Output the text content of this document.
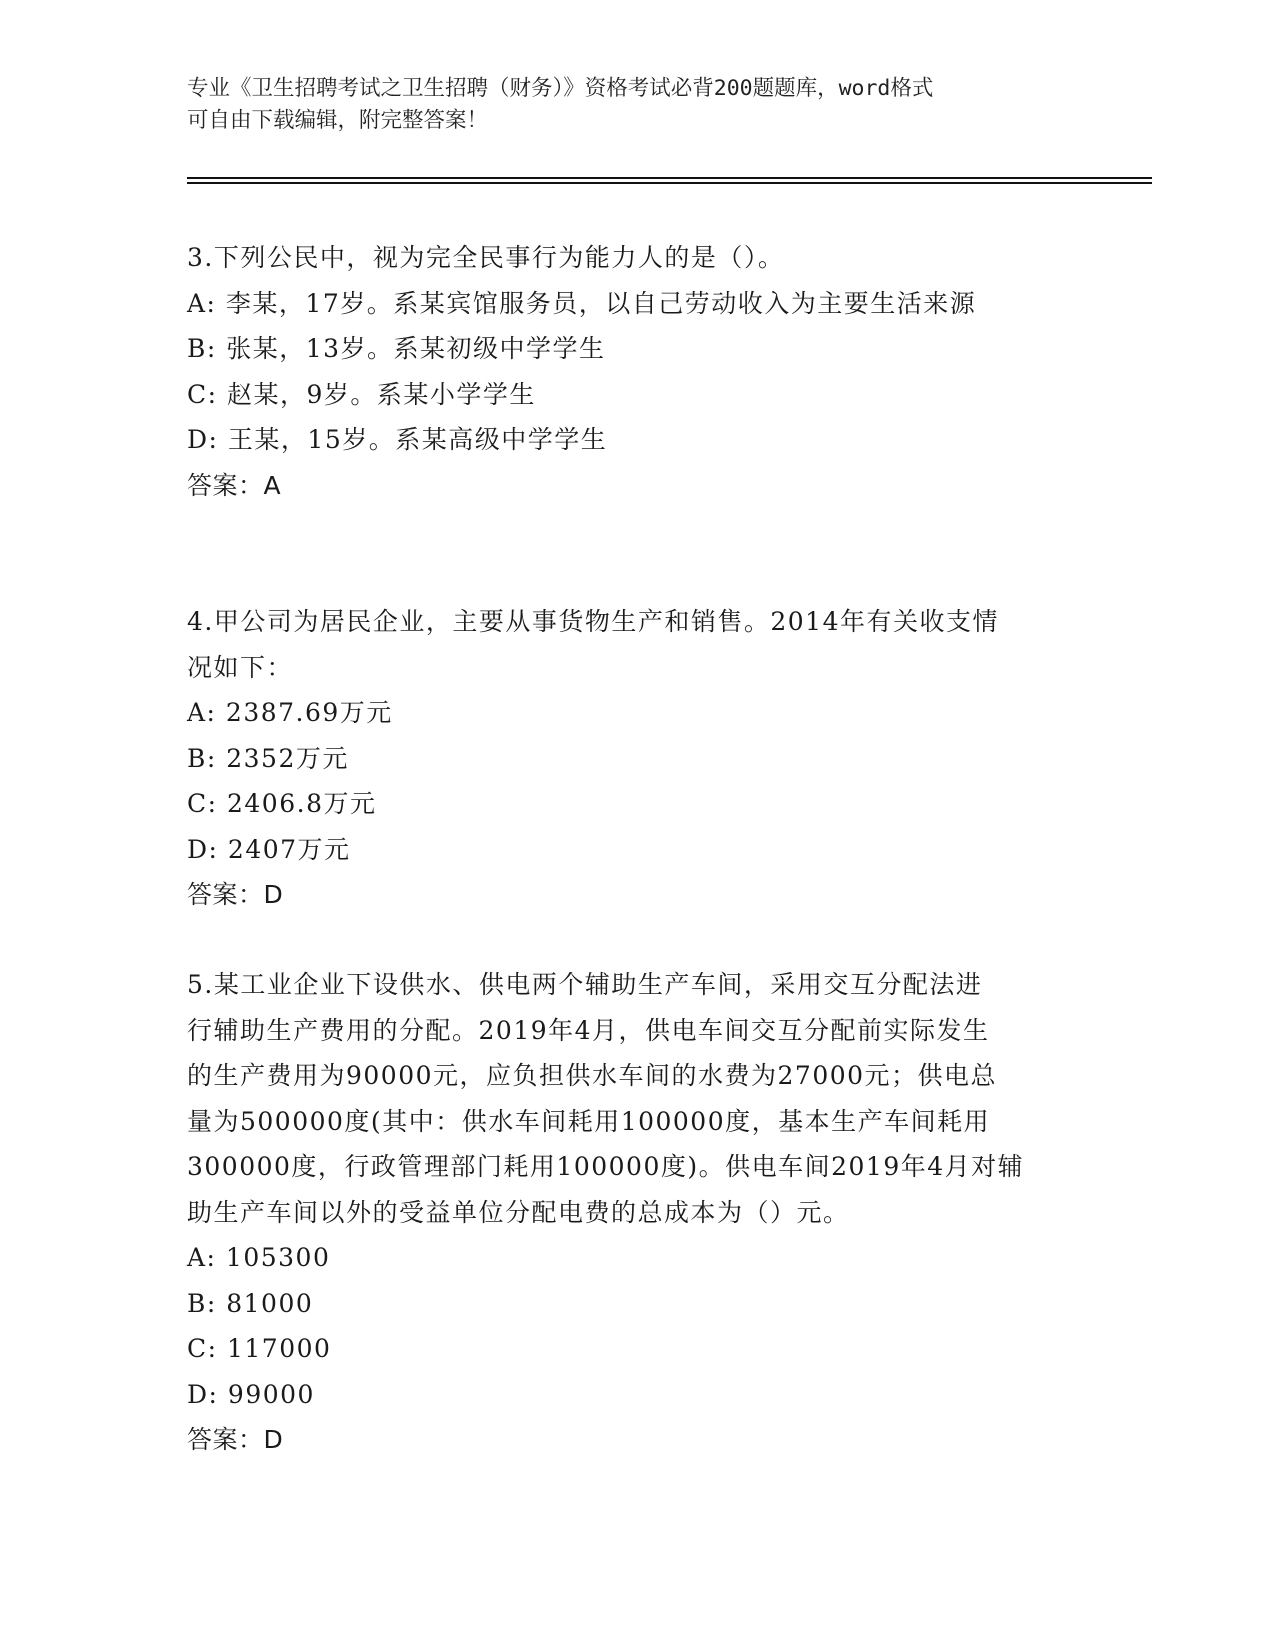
专业《卫生招聘考试之卫生招聘（财务）》资格考试必背200题题库，word格式
可自由下载编辑，附完整答案！
3.下列公民中，视为完全民事行为能力人的是（）。
A: 李某，17岁。系某宾馆服务员，以自己劳动收入为主要生活来源
B: 张某，13岁。系某初级中学学生
C: 赵某，9岁。系某小学学生
D: 王某，15岁。系某高级中学学生
答案：A
4.甲公司为居民企业，主要从事货物生产和销售。2014年有关收支情
况如下：
A: 2387.69万元
B: 2352万元
C: 2406.8万元
D: 2407万元
答案：D
5.某工业企业下设供水、供电两个辅助生产车间，采用交互分配法进
行辅助生产费用的分配。2019年4月，供电车间交互分配前实际发生
的生产费用为90000元，应负担供水车间的水费为27000元；供电总
量为500000度(其中：供水车间耗用100000度，基本生产车间耗用
300000度，行政管理部门耗用100000度)。供电车间2019年4月对辅
助生产车间以外的受益单位分配电费的总成本为（）元。
A: 105300
B: 81000
C: 117000
D: 99000
答案：D
